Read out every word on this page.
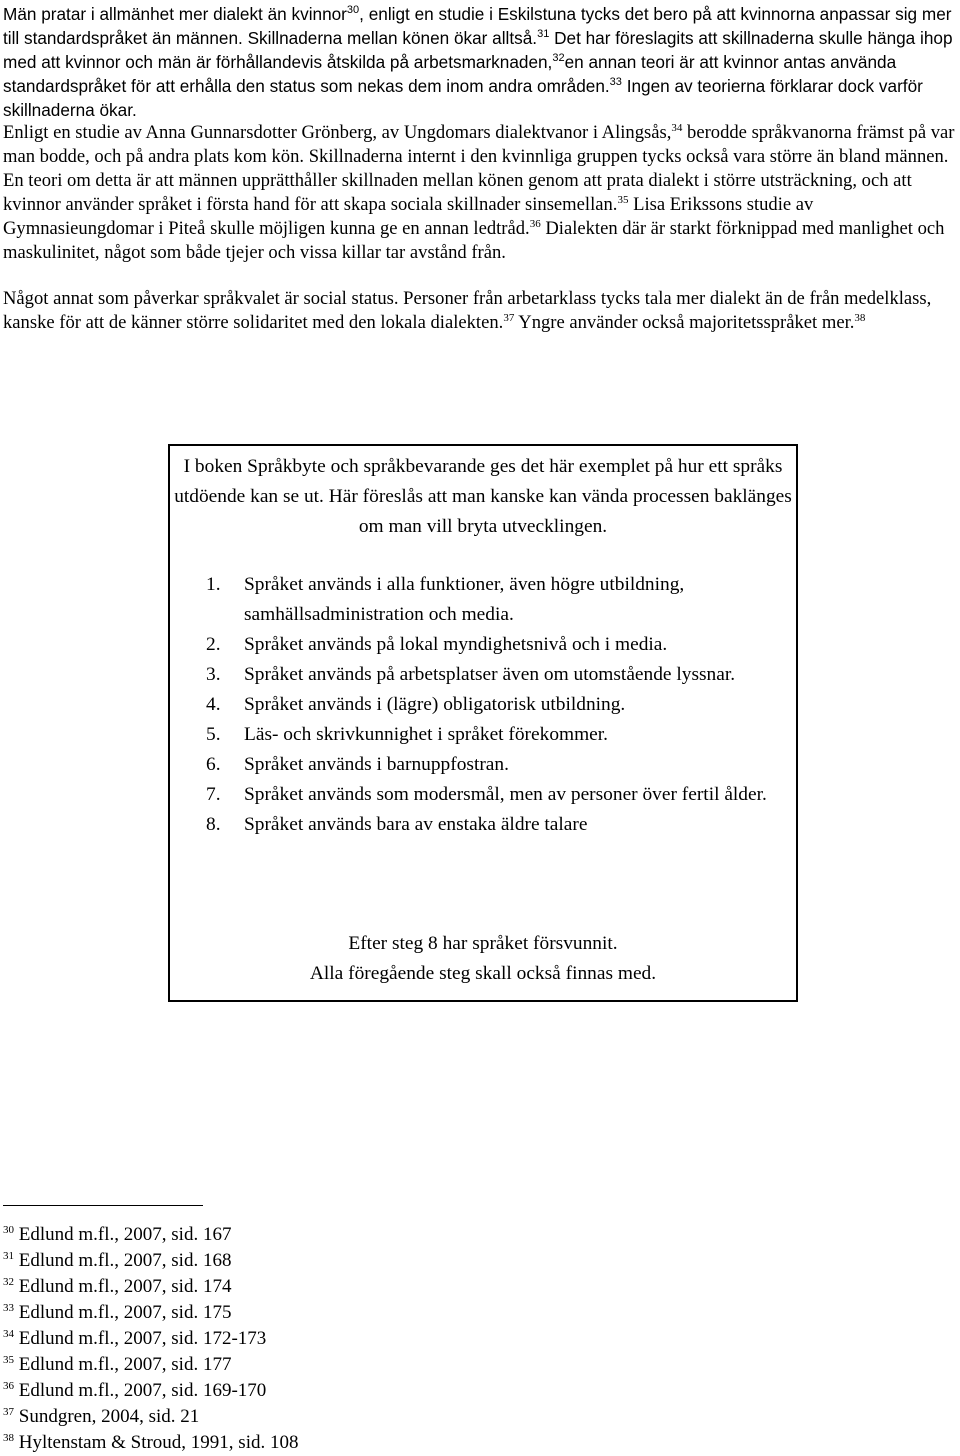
Män pratar i allmänhet mer dialekt än kvinnor$^{30}$, enligt en studie i Eskilstuna tycks det bero på att kvinnorna anpassar sig mer till standardspråket än männen. Skillnaderna mellan könen ökar alltså.$^{31}$ Det har föreslagits att skillnaderna skulle hänga ihop med att kvinnor och män är förhållandevis åtskilda på arbetsmarknaden,$^{32}$en annan teori är att kvinnor antas använda standardspråket för att erhålla den status som nekas dem inom andra områden.$^{33}$ Ingen av teorierna förklarar dock varför skillnaderna ökar.

Enligt en studie av Anna Gunnarsdotter Grönberg, av Ungdomars dialektvanor i Alingsås,$^{34}$ berodde språkvanorna främst på var man bodde, och på andra plats kom kön. Skillnaderna internt i den kvinnliga gruppen tycks också vara större än bland männen. En teori om detta är att männen upprätthåller skillnaden mellan könen genom att prata dialekt i större utsträckning, och att kvinnor använder språket i första hand för att skapa sociala skillnader sinsemellan.$^{35}$ Lisa Erikssons studie av Gymnasieungdomar i Piteå skulle möjligen kunna ge en annan ledtråd.$^{36}$ Dialekten där är starkt förknippad med manlighet och maskulinitet, något som både tjejer och vissa killar tar avstånd från.

Något annat som påverkar språkvalet är social status. Personer från arbetarklass tycks tala mer dialekt än de från medelklass, kanske för att de känner större solidaritet med den lokala dialekten.$^{37}$ Yngre använder också majoritetsspråket mer.$^{38}$

I boken Språkbyte och språkbevarande ges det här exemplet på hur ett språks utdöende kan se ut. Här föreslås att man kanske kan vända processen baklänges om man vill bryta utvecklingen.

1. Språket används i alla funktioner, även högre utbildning, samhällsadministration och media.
2. Språket används på lokal myndighetsnivå och i media.
3. Språket används på arbetsplatser även om utomstående lyssnar.
4. Språket används i (lägre) obligatorisk utbildning.
5. Läs- och skrivkunnighet i språket förekommer.
6. Språket används i barnuppfostran.
7. Språket används som modersmål, men av personer över fertil ålder.
8. Språket används bara av enstaka äldre talare
Efter steg 8 har språket försvunnit.
Alla föregående steg skall också finnas med.
$^{30}$ Edlund m.fl., 2007, sid. 167
$^{31}$ Edlund m.fl., 2007, sid. 168
$^{32}$ Edlund m.fl., 2007, sid. 174
$^{33}$ Edlund m.fl., 2007, sid. 175
$^{34}$ Edlund m.fl., 2007, sid. 172-173
$^{35}$ Edlund m.fl., 2007, sid. 177
$^{36}$ Edlund m.fl., 2007, sid. 169-170
$^{37}$ Sundgren, 2004, sid. 21
$^{38}$ Hyltenstam & Stroud, 1991, sid. 108
